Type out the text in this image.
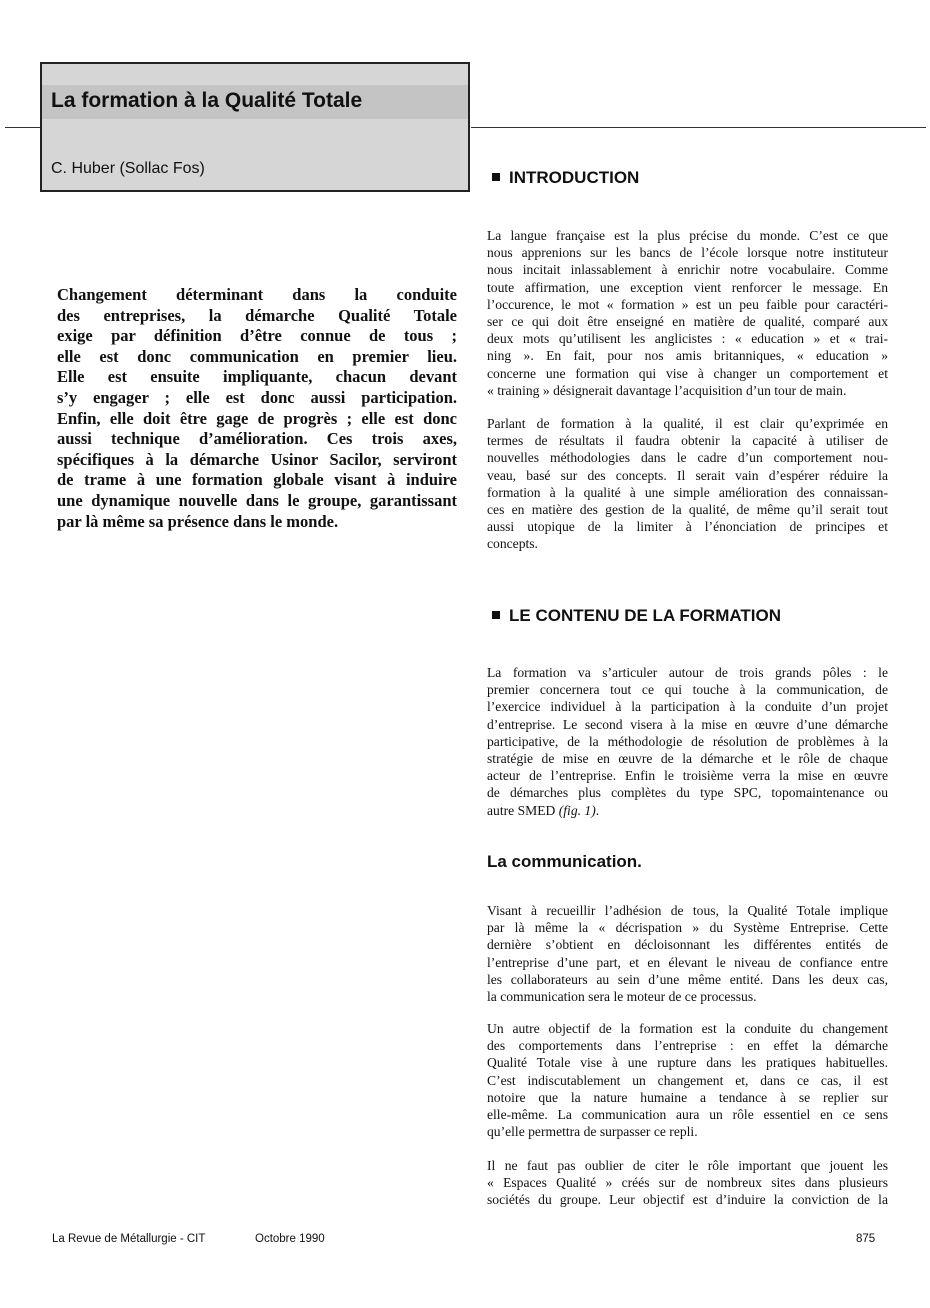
La formation à la Qualité Totale
C. Huber (Sollac Fos)
Changement déterminant dans la conduite
des entreprises, la démarche Qualité Totale
exige par définition d’être connue de tous ;
elle est donc communication en premier lieu.
Elle est ensuite impliquante, chacun devant
s’y engager ; elle est donc aussi participation.
Enfin, elle doit être gage de progrès ; elle est donc
aussi technique d’amélioration. Ces trois axes,
spécifiques à la démarche Usinor Sacilor, serviront
de trame à une formation globale visant à induire
une dynamique nouvelle dans le groupe, garantissant
par là même sa présence dans le monde.
INTRODUCTION
La langue française est la plus précise du monde. C’est ce que
nous apprenions sur les bancs de l’école lorsque notre instituteur
nous incitait inlassablement à enrichir notre vocabulaire. Comme
toute affirmation, une exception vient renforcer le message. En
l’occurence, le mot « formation » est un peu faible pour caractéri-
ser ce qui doit être enseigné en matière de qualité, comparé aux
deux mots qu’utilisent les anglicistes : « education » et « trai-
ning ». En fait, pour nos amis britanniques, « education »
concerne une formation qui vise à changer un comportement et
« training » désignerait davantage l’acquisition d’un tour de main.
Parlant de formation à la qualité, il est clair qu’exprimée en
termes de résultats il faudra obtenir la capacité à utiliser de
nouvelles méthodologies dans le cadre d’un comportement nou-
veau, basé sur des concepts. Il serait vain d’espérer réduire la
formation à la qualité à une simple amélioration des connaissan-
ces en matière des gestion de la qualité, de même qu’il serait tout
aussi utopique de la limiter à l’énonciation de principes et
concepts.
LE CONTENU DE LA FORMATION
La formation va s’articuler autour de trois grands pôles : le
premier concernera tout ce qui touche à la communication, de
l’exercice individuel à la participation à la conduite d’un projet
d’entreprise. Le second visera à la mise en œuvre d’une démarche
participative, de la méthodologie de résolution de problèmes à la
stratégie de mise en œuvre de la démarche et le rôle de chaque
acteur de l’entreprise. Enfin le troisième verra la mise en œuvre
de démarches plus complètes du type SPC, topomaintenance ou
autre SMED (fig. 1).
La communication.
Visant à recueillir l’adhésion de tous, la Qualité Totale implique
par là même la « décrispation » du Système Entreprise. Cette
dernière s’obtient en décloisonnant les différentes entités de
l’entreprise d’une part, et en élevant le niveau de confiance entre
les collaborateurs au sein d’une même entité. Dans les deux cas,
la communication sera le moteur de ce processus.
Un autre objectif de la formation est la conduite du changement
des comportements dans l’entreprise : en effet la démarche
Qualité Totale vise à une rupture dans les pratiques habituelles.
C’est indiscutablement un changement et, dans ce cas, il est
notoire que la nature humaine a tendance à se replier sur
elle-même. La communication aura un rôle essentiel en ce sens
qu’elle permettra de surpasser ce repli.
Il ne faut pas oublier de citer le rôle important que jouent les
« Espaces Qualité » créés sur de nombreux sites dans plusieurs
sociétés du groupe. Leur objectif est d’induire la conviction de la
La Revue de Métallurgie - CIT	Octobre 1990	875
